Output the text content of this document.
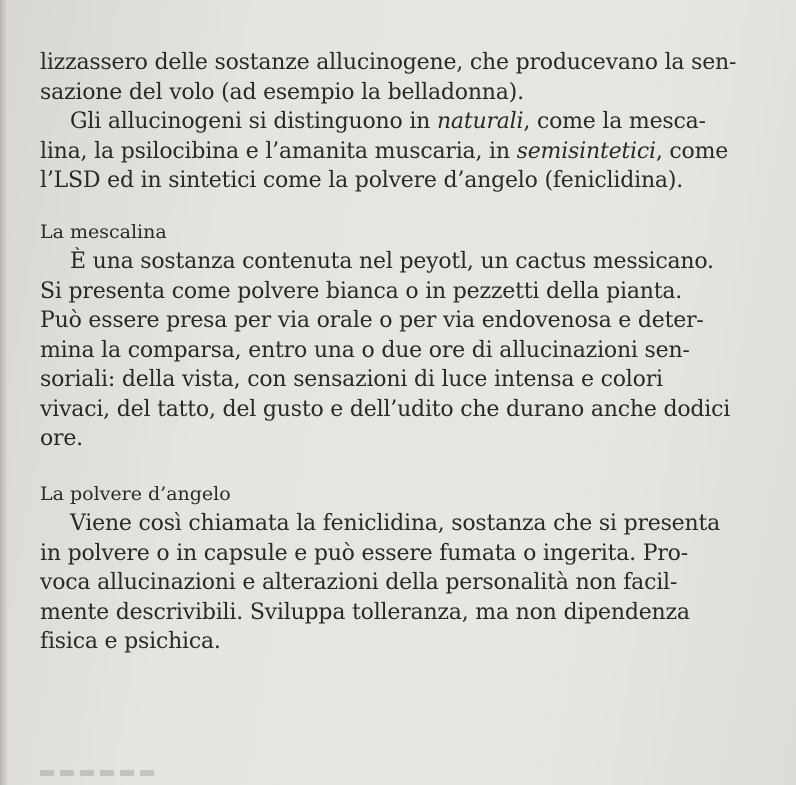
lizzassero delle sostanze allucinogene, che producevano la sen-
sazione del volo (ad esempio la belladonna).
Gli allucinogeni si distinguono in naturali, come la mesca-
lina, la psilocibina e l’amanita muscaria, in semisintetici, come
l’LSD ed in sintetici come la polvere d’angelo (feniclidina).
La mescalina
È una sostanza contenuta nel peyotl, un cactus messicano.
Si presenta come polvere bianca o in pezzetti della pianta.
Può essere presa per via orale o per via endovenosa e deter-
mina la comparsa, entro una o due ore di allucinazioni sen-
soriali: della vista, con sensazioni di luce intensa e colori
vivaci, del tatto, del gusto e dell’udito che durano anche dodici
ore.
La polvere d’angelo
Viene così chiamata la feniclidina, sostanza che si presenta
in polvere o in capsule e può essere fumata o ingerita. Pro-
voca allucinazioni e alterazioni della personalità non facil-
mente descrivibili. Sviluppa tolleranza, ma non dipendenza
fisica e psichica.
